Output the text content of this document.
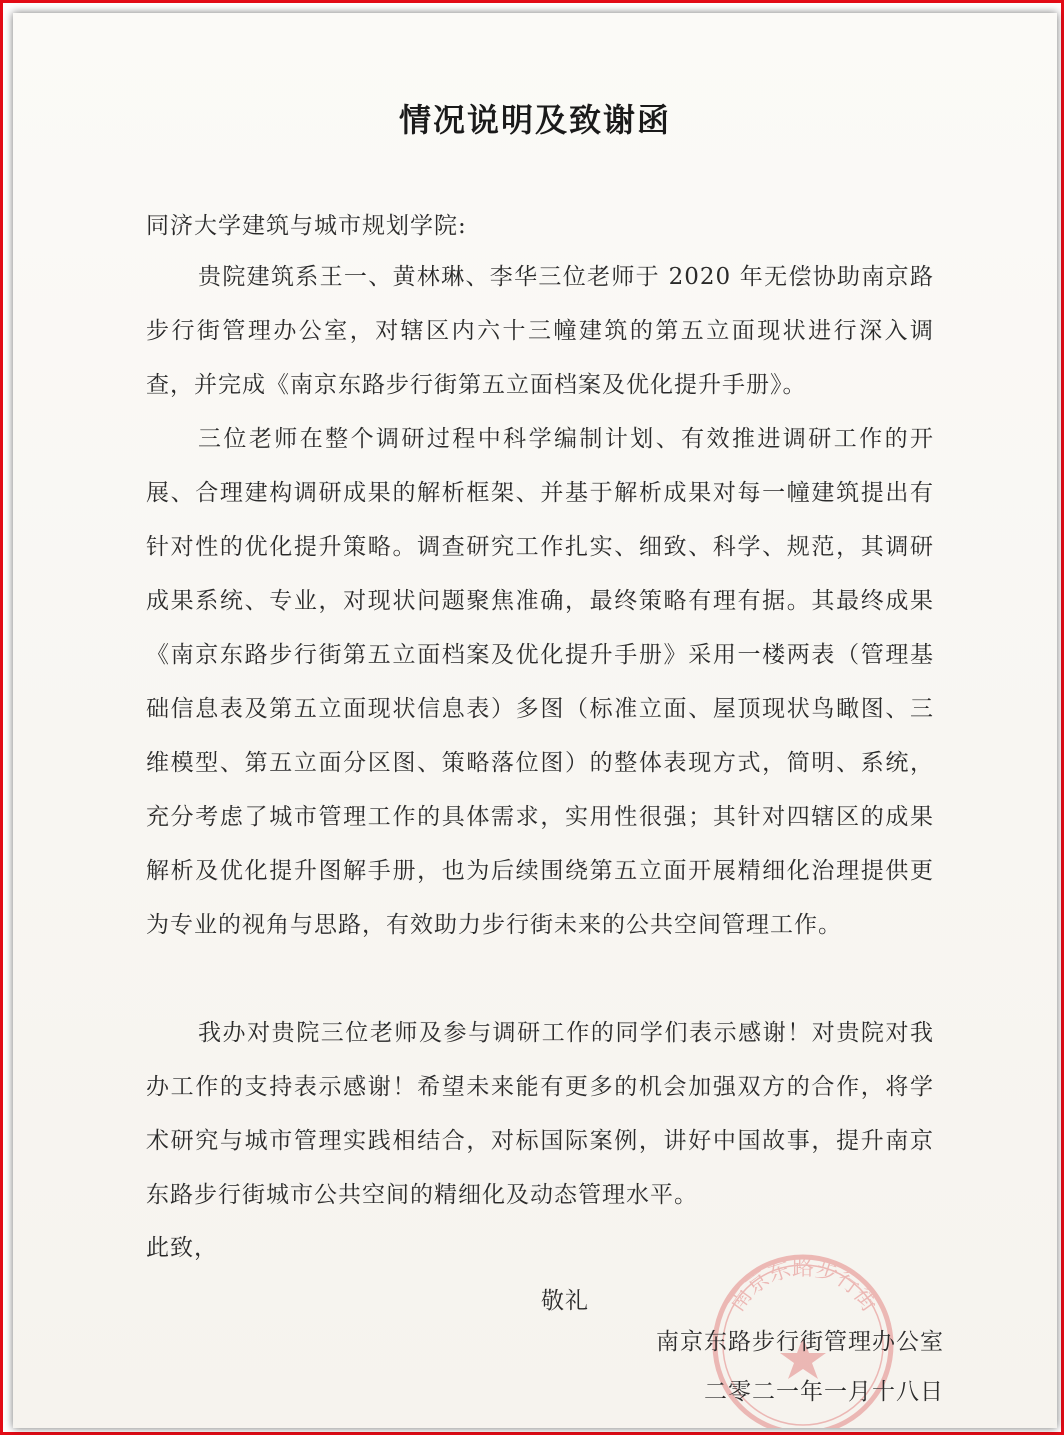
情况说明及致谢函
同济大学建筑与城市规划学院:

贵院建筑系王一、黄林琳、李华三位老师于 2020 年无偿协助南京路步行街管理办公室，对辖区内六十三幢建筑的第五立面现状进行深入调查，并完成《南京东路步行街第五立面档案及优化提升手册》。

三位老师在整个调研过程中科学编制计划、有效推进调研工作的开展、合理建构调研成果的解析框架、并基于解析成果对每一幢建筑提出有针对性的优化提升策略。调查研究工作扎实、细致、科学、规范，其调研成果系统、专业，对现状问题聚焦准确，最终策略有理有据。其最终成果《南京东路步行街第五立面档案及优化提升手册》采用一楼两表（管理基础信息表及第五立面现状信息表）多图（标准立面、屋顶现状鸟瞰图、三维模型、第五立面分区图、策略落位图）的整体表现方式，简明、系统，充分考虑了城市管理工作的具体需求，实用性很强；其针对四辖区的成果解析及优化提升图解手册，也为后续围绕第五立面开展精细化治理提供更为专业的视角与思路，有效助力步行街未来的公共空间管理工作。

我办对贵院三位老师及参与调研工作的同学们表示感谢！对贵院对我办工作的支持表示感谢！希望未来能有更多的机会加强双方的合作，将学术研究与城市管理实践相结合，对标国际案例，讲好中国故事，提升南京东路步行街城市公共空间的精细化及动态管理水平。

此致，
敬礼	南京东路步行街
南京东路步行街管理办公室
二零二一年一月十八日
